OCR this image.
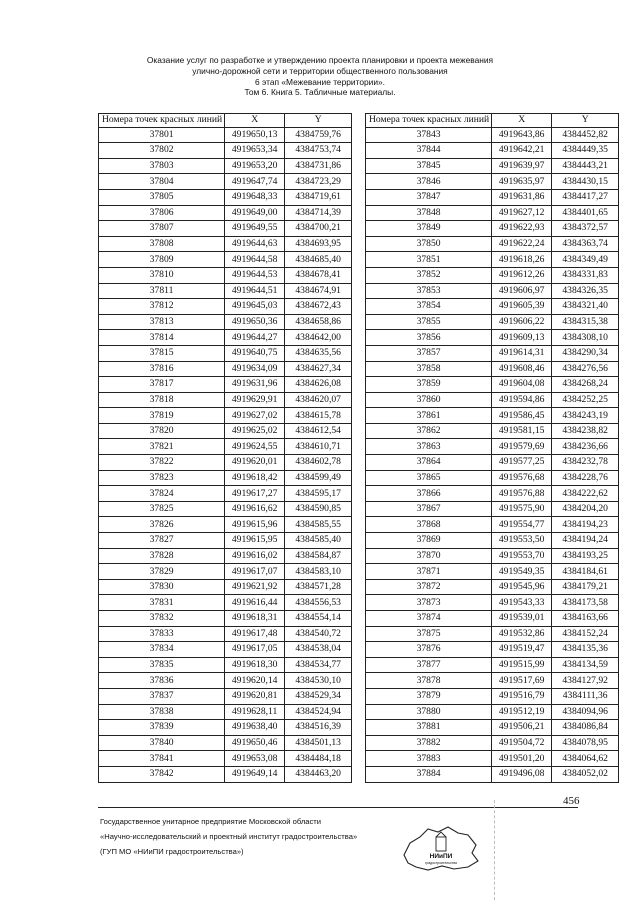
Оказание услуг по разработке и утверждению проекта планировки и проекта межевания
улично-дорожной сети и территории общественного пользования
6 этап «Межевание территории».
Том 6. Книга 5. Табличные материалы.
Номера точек красных линий	X	Y
37801	4919650,13	4384759,76
37802	4919653,34	4384753,74
37803	4919653,20	4384731,86
37804	4919647,74	4384723,29
37805	4919648,33	4384719,61
37806	4919649,00	4384714,39
37807	4919649,55	4384700,21
37808	4919644,63	4384693,95
37809	4919644,58	4384685,40
37810	4919644,53	4384678,41
37811	4919644,51	4384674,91
37812	4919645,03	4384672,43
37813	4919650,36	4384658,86
37814	4919644,27	4384642,00
37815	4919640,75	4384635,56
37816	4919634,09	4384627,34
37817	4919631,96	4384626,08
37818	4919629,91	4384620,07
37819	4919627,02	4384615,78
37820	4919625,02	4384612,54
37821	4919624,55	4384610,71
37822	4919620,01	4384602,78
37823	4919618,42	4384599,49
37824	4919617,27	4384595,17
37825	4919616,62	4384590,85
37826	4919615,96	4384585,55
37827	4919615,95	4384585,40
37828	4919616,02	4384584,87
37829	4919617,07	4384583,10
37830	4919621,92	4384571,28
37831	4919616,44	4384556,53
37832	4919618,31	4384554,14
37833	4919617,48	4384540,72
37834	4919617,05	4384538,04
37835	4919618,30	4384534,77
37836	4919620,14	4384530,10
37837	4919620,81	4384529,34
37838	4919628,11	4384524,94
37839	4919638,40	4384516,39
37840	4919650,46	4384501,13
37841	4919653,08	4384484,18
37842	4919649,14	4384463,20
Номера точек красных линий	X	Y
37843	4919643,86	4384452,82
37844	4919642,21	4384449,35
37845	4919639,97	4384443,21
37846	4919635,97	4384430,15
37847	4919631,86	4384417,27
37848	4919627,12	4384401,65
37849	4919622,93	4384372,57
37850	4919622,24	4384363,74
37851	4919618,26	4384349,49
37852	4919612,26	4384331,83
37853	4919606,97	4384326,35
37854	4919605,39	4384321,40
37855	4919606,22	4384315,38
37856	4919609,13	4384308,10
37857	4919614,31	4384290,34
37858	4919608,46	4384276,56
37859	4919604,08	4384268,24
37860	4919594,86	4384252,25
37861	4919586,45	4384243,19
37862	4919581,15	4384238,82
37863	4919579,69	4384236,66
37864	4919577,25	4384232,78
37865	4919576,68	4384228,76
37866	4919576,88	4384222,62
37867	4919575,90	4384204,20
37868	4919554,77	4384194,23
37869	4919553,50	4384194,24
37870	4919553,70	4384193,25
37871	4919549,35	4384184,61
37872	4919545,96	4384179,21
37873	4919543,33	4384173,58
37874	4919539,01	4384163,66
37875	4919532,86	4384152,24
37876	4919519,47	4384135,36
37877	4919515,99	4384134,59
37878	4919517,69	4384127,92
37879	4919516,79	4384111,36
37880	4919512,19	4384094,96
37881	4919506,21	4384086,84
37882	4919504,72	4384078,95
37883	4919501,20	4384064,62
37884	4919496,08	4384052,02
456
Государственное унитарное предприятие Московской области
«Научно-исследовательский и проектный институт градостроительства»
(ГУП МО «НИиПИ градостроительства»)
НИиПИ
градостроительства
